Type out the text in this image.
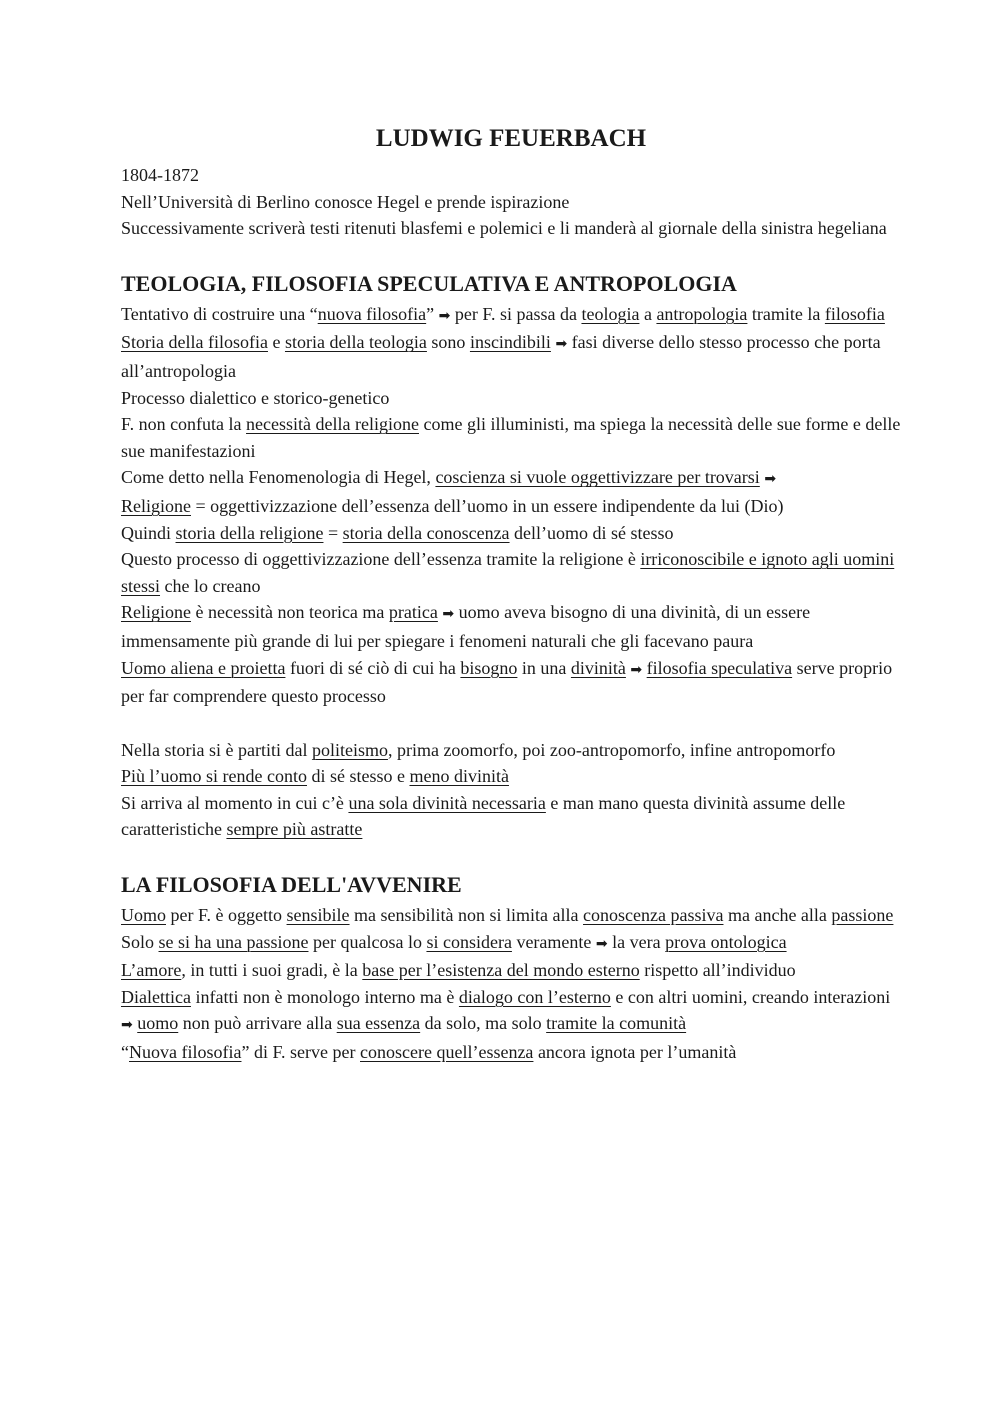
LUDWIG FEUERBACH

1804-1872

Nell’Università di Berlino conosce Hegel e prende ispirazione

Successivamente scriverà testi ritenuti blasfemi e polemici e li manderà al giornale della sinistra hegeliana

TEOLOGIA, FILOSOFIA SPECULATIVA E ANTROPOLOGIA

Tentativo di costruire una “nuova filosofia” ➡ per F. si passa da teologia a antropologia tramite la filosofia

Storia della filosofia e storia della teologia sono inscindibili ➡ fasi diverse dello stesso processo che porta all’antropologia

Processo dialettico e storico-genetico

F. non confuta la necessità della religione come gli illuministi, ma spiega la necessità delle sue forme e delle sue manifestazioni

Come detto nella Fenomenologia di Hegel, coscienza si vuole oggettivizzare per trovarsi ➡

Religione = oggettivizzazione dell’essenza dell’uomo in un essere indipendente da lui (Dio)

Quindi storia della religione = storia della conoscenza dell’uomo di sé stesso

Questo processo di oggettivizzazione dell’essenza tramite la religione è irriconoscibile e ignoto agli uomini stessi che lo creano

Religione è necessità non teorica ma pratica ➡ uomo aveva bisogno di una divinità, di un essere immensamente più grande di lui per spiegare i fenomeni naturali che gli facevano paura

Uomo aliena e proietta fuori di sé ciò di cui ha bisogno in una divinità ➡ filosofia speculativa serve proprio per far comprendere questo processo

Nella storia si è partiti dal politeismo, prima zoomorfo, poi zoo-antropomorfo, infine antropomorfo

Più l’uomo si rende conto di sé stesso e meno divinità

Si arriva al momento in cui c’è una sola divinità necessaria e man mano questa divinità assume delle caratteristiche sempre più astratte

LA FILOSOFIA DELL'AVVENIRE

Uomo per F. è oggetto sensibile ma sensibilità non si limita alla conoscenza passiva ma anche alla passione

Solo se si ha una passione per qualcosa lo si considera veramente ➡ la vera prova ontologica

L’amore, in tutti i suoi gradi, è la base per l’esistenza del mondo esterno rispetto all’individuo

Dialettica infatti non è monologo interno ma è dialogo con l’esterno e con altri uomini, creando interazioni ➡ uomo non può arrivare alla sua essenza da solo, ma solo tramite la comunità

“Nuova filosofia” di F. serve per conoscere quell’essenza ancora ignota per l’umanità
